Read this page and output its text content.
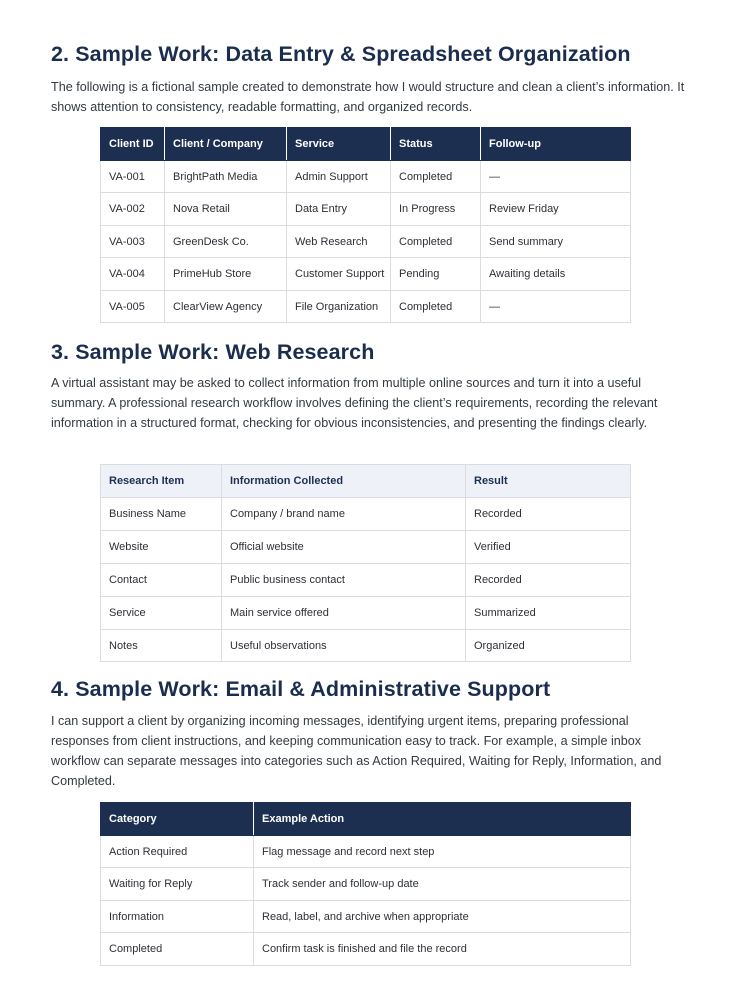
2. Sample Work: Data Entry & Spreadsheet Organization

The following is a fictional sample created to demonstrate how I would structure and clean a client’s information. It shows attention to consistency, readable formatting, and organized records.

Client ID	Client / Company	Service	Status	Follow-up
VA-001	BrightPath Media	Admin Support	Completed	—
VA-002	Nova Retail	Data Entry	In Progress	Review Friday
VA-003	GreenDesk Co.	Web Research	Completed	Send summary
VA-004	PrimeHub Store	Customer Support	Pending	Awaiting details
VA-005	ClearView Agency	File Organization	Completed	—
3. Sample Work: Web Research

A virtual assistant may be asked to collect information from multiple online sources and turn it into a useful summary. A professional research workflow involves defining the client’s requirements, recording the relevant information in a structured format, checking for obvious inconsistencies, and presenting the findings clearly.

Research Item	Information Collected	Result
Business Name	Company / brand name	Recorded
Website	Official website	Verified
Contact	Public business contact	Recorded
Service	Main service offered	Summarized
Notes	Useful observations	Organized
4. Sample Work: Email & Administrative Support

I can support a client by organizing incoming messages, identifying urgent items, preparing professional responses from client instructions, and keeping communication easy to track. For example, a simple inbox workflow can separate messages into categories such as Action Required, Waiting for Reply, Information, and Completed.

Category	Example Action
Action Required	Flag message and record next step
Waiting for Reply	Track sender and follow-up date
Information	Read, label, and archive when appropriate
Completed	Confirm task is finished and file the record
